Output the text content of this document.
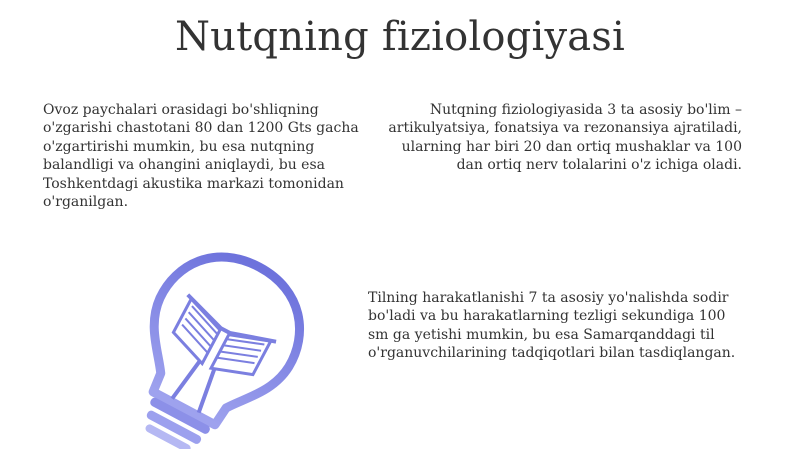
Nutqning fiziologiyasi

Ovoz paychalari orasidagi bo'shliqning o'zgarishi chastotani 80 dan 1200 Gts gacha o'zgartirishi mumkin, bu esa nutqning balandligi va ohangini aniqlaydi, bu esa Toshkentdagi akustika markazi tomonidan o'rganilgan.

Nutqning fiziologiyasida 3 ta asosiy bo'lim – artikulyatsiya, fonatsiya va rezonansiya ajratiladi, ularning har biri 20 dan ortiq mushaklar va 100 dan ortiq nerv tolalarini o'z ichiga oladi.

Tilning harakatlanishi 7 ta asosiy yo'nalishda sodir bo'ladi va bu harakatlarning tezligi sekundiga 100 sm ga yetishi mumkin, bu esa Samarqanddagi til o'rganuvchilarining tadqiqotlari bilan tasdiqlangan.
